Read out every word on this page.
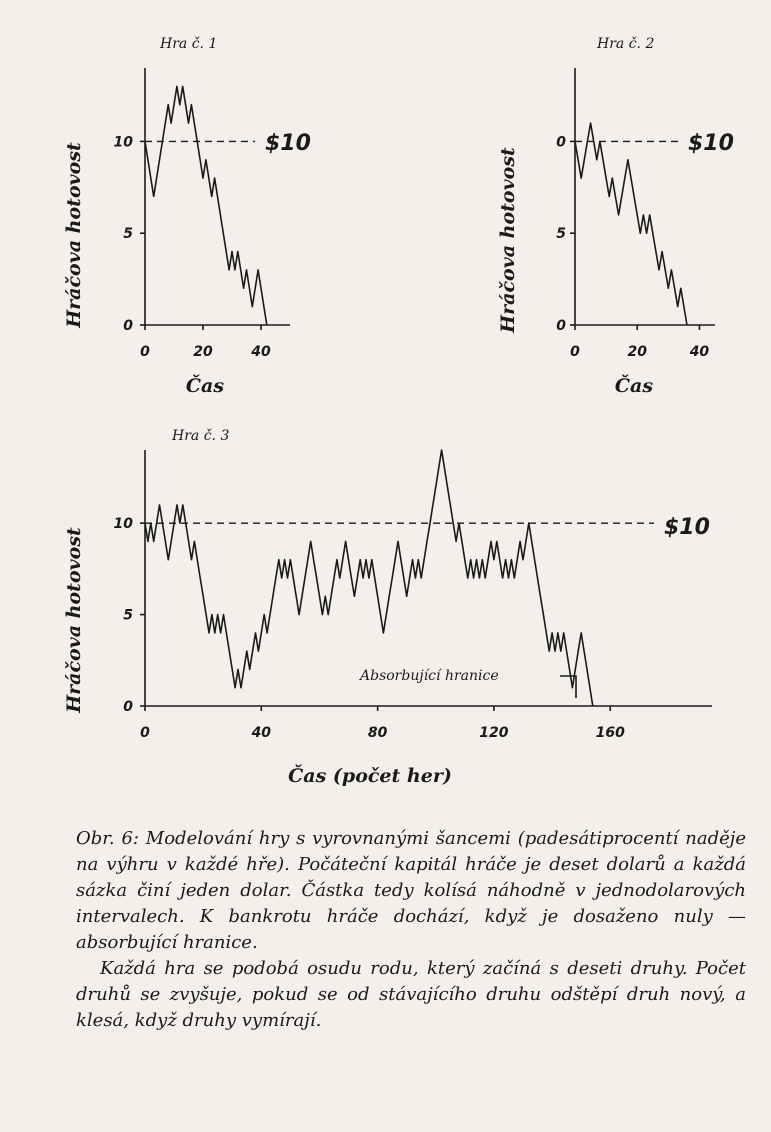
0
5
10
0	20	40
$10
Hra č. 1
Čas
Hráčova hotovost	0
5
0
0	20	40
$10
Hra č. 2
Čas
Hráčova hotovost
0
5
10
0	40	80	120	160
$10
Hra č. 3
Čas (počet her)
Hráčova hotovost	Absorbující hranice

Obr. 6: Modelování hry s vyrovnanými šancemi (padesátiprocentí naděje na výhru v každé hře). Počáteční kapitál hráče je deset dolarů a každá sázka činí jeden dolar. Částka tedy kolísá náhodně v jednodolarových intervalech. K bankrotu hráče dochází, když je dosaženo nuly — absorbující hranice.

Každá hra se podobá osudu rodu, který začíná s deseti druhy. Počet druhů se zvyšuje, pokud se od stávajícího druhu odštěpí druh nový, a klesá, když druhy vymírají.
